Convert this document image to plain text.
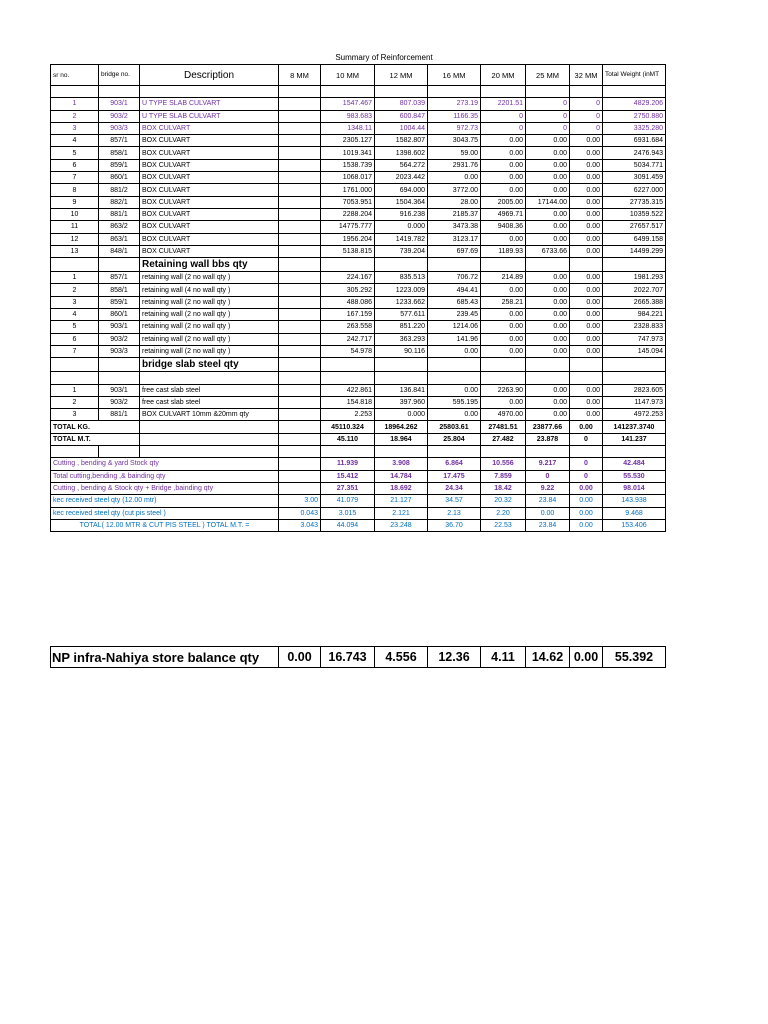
Summary of Reinforcement
sr no.	bridge no.	Description	8 MM	10 MM	12 MM	16 MM	20 MM	25 MM	32 MM	Total Weight (inMT

1	903/1	U TYPE SLAB CULVART		1547.467	807.039	273.19	2201.51	0	0	4829.206
2	903/2	U TYPE SLAB CULVART		983.683	600.847	1166.35	0	0	0	2750.880
3	903/3	BOX CULVART		1348.11	1004.44	972.73	0	0	0	3325.280
4	857/1	BOX CULVART		2305.127	1582.807	3043.75	0.00	0.00	0.00	6931.684
5	858/1	BOX CULVART		1019.341	1398.602	59.00	0.00	0.00	0.00	2476.943
6	859/1	BOX CULVART		1538.739	564.272	2931.76	0.00	0.00	0.00	5034.771
7	860/1	BOX CULVART		1068.017	2023.442	0.00	0.00	0.00	0.00	3091.459
8	881/2	BOX CULVART		1761.000	694.000	3772.00	0.00	0.00	0.00	6227.000
9	882/1	BOX CULVART		7053.951	1504.364	28.00	2005.00	17144.00	0.00	27735.315
10	881/1	BOX CULVART		2288.204	916.238	2185.37	4969.71	0.00	0.00	10359.522
11	863/2	BOX CULVART		14775.777	0.000	3473.38	9408.36	0.00	0.00	27657.517
12	863/1	BOX CULVART		1956.204	1419.782	3123.17	0.00	0.00	0.00	6499.158
13	848/1	BOX CULVART		5138.815	739.204	697.69	1189.93	6733.66	0.00	14499.299
		Retaining wall bbs qty								
1	857/1	retaining wall (2 no wall qty )		224.167	835.513	706.72	214.89	0.00	0.00	1981.293
2	858/1	retaining wall (4 no wall qty )		305.292	1223.009	494.41	0.00	0.00	0.00	2022.707
3	859/1	retaining wall (2 no wall qty )		488.086	1233.662	685.43	258.21	0.00	0.00	2665.388
4	860/1	retaining wall (2 no wall qty )		167.159	577.611	239.45	0.00	0.00	0.00	984.221
5	903/1	retaining wall (2 no wall qty )		263.558	851.220	1214.06	0.00	0.00	0.00	2328.833
6	903/2	retaining wall (2 no wall qty )		242.717	363.293	141.96	0.00	0.00	0.00	747.973
7	903/3	retaining wall (2 no wall qty )		54.978	90.116	0.00	0.00	0.00	0.00	145.094
		bridge slab steel qty								

1	903/1	free cast slab steel		422.861	136.841	0.00	2263.90	0.00	0.00	2823.605
2	903/2	free cast slab steel		154.818	397.960	595.195	0.00	0.00	0.00	1147.973
3	881/1	BOX CULVART 10mm &20mm qty		2.253	0.000	0.00	4970.00	0.00	0.00	4972.253
TOTAL KG.				45110.324	18964.262	25803.61	27481.51	23877.66	0.00	141237.3740
TOTAL M.T.				45.110	18.964	25.804	27.482	23.878	0	141.237

Cutting , bending & yard Stock qty				11.939	3.908	6.864	10.556	9.217	0	42.484
Total cutting,bending ,& bainding qty				15.412	14.784	17.475	7.859	0	0	55.530
Cutting , bending & Stock qty + Bridge ,bainding qty				27.351	18.692	24.34	18.42	9.22	0.00	98.014
kec received steel qty (12.00 mtr)			3.00	41.079	21.127	34.57	20.32	23.84	0.00	143.938
kec received steel qty (cut pis steel )			0.043	3.015	2.121	2.13	2.20	0.00	0.00	9.468
TOTAL( 12.00 MTR & CUT PIS STEEL ) TOTAL M.T. =			3.043	44.094	23.248	36.70	22.53	23.84	0.00	153.406
NP infra-Nahiya store balance qty	0.00	16.743	4.556	12.36	4.11	14.62	0.00	55.392
